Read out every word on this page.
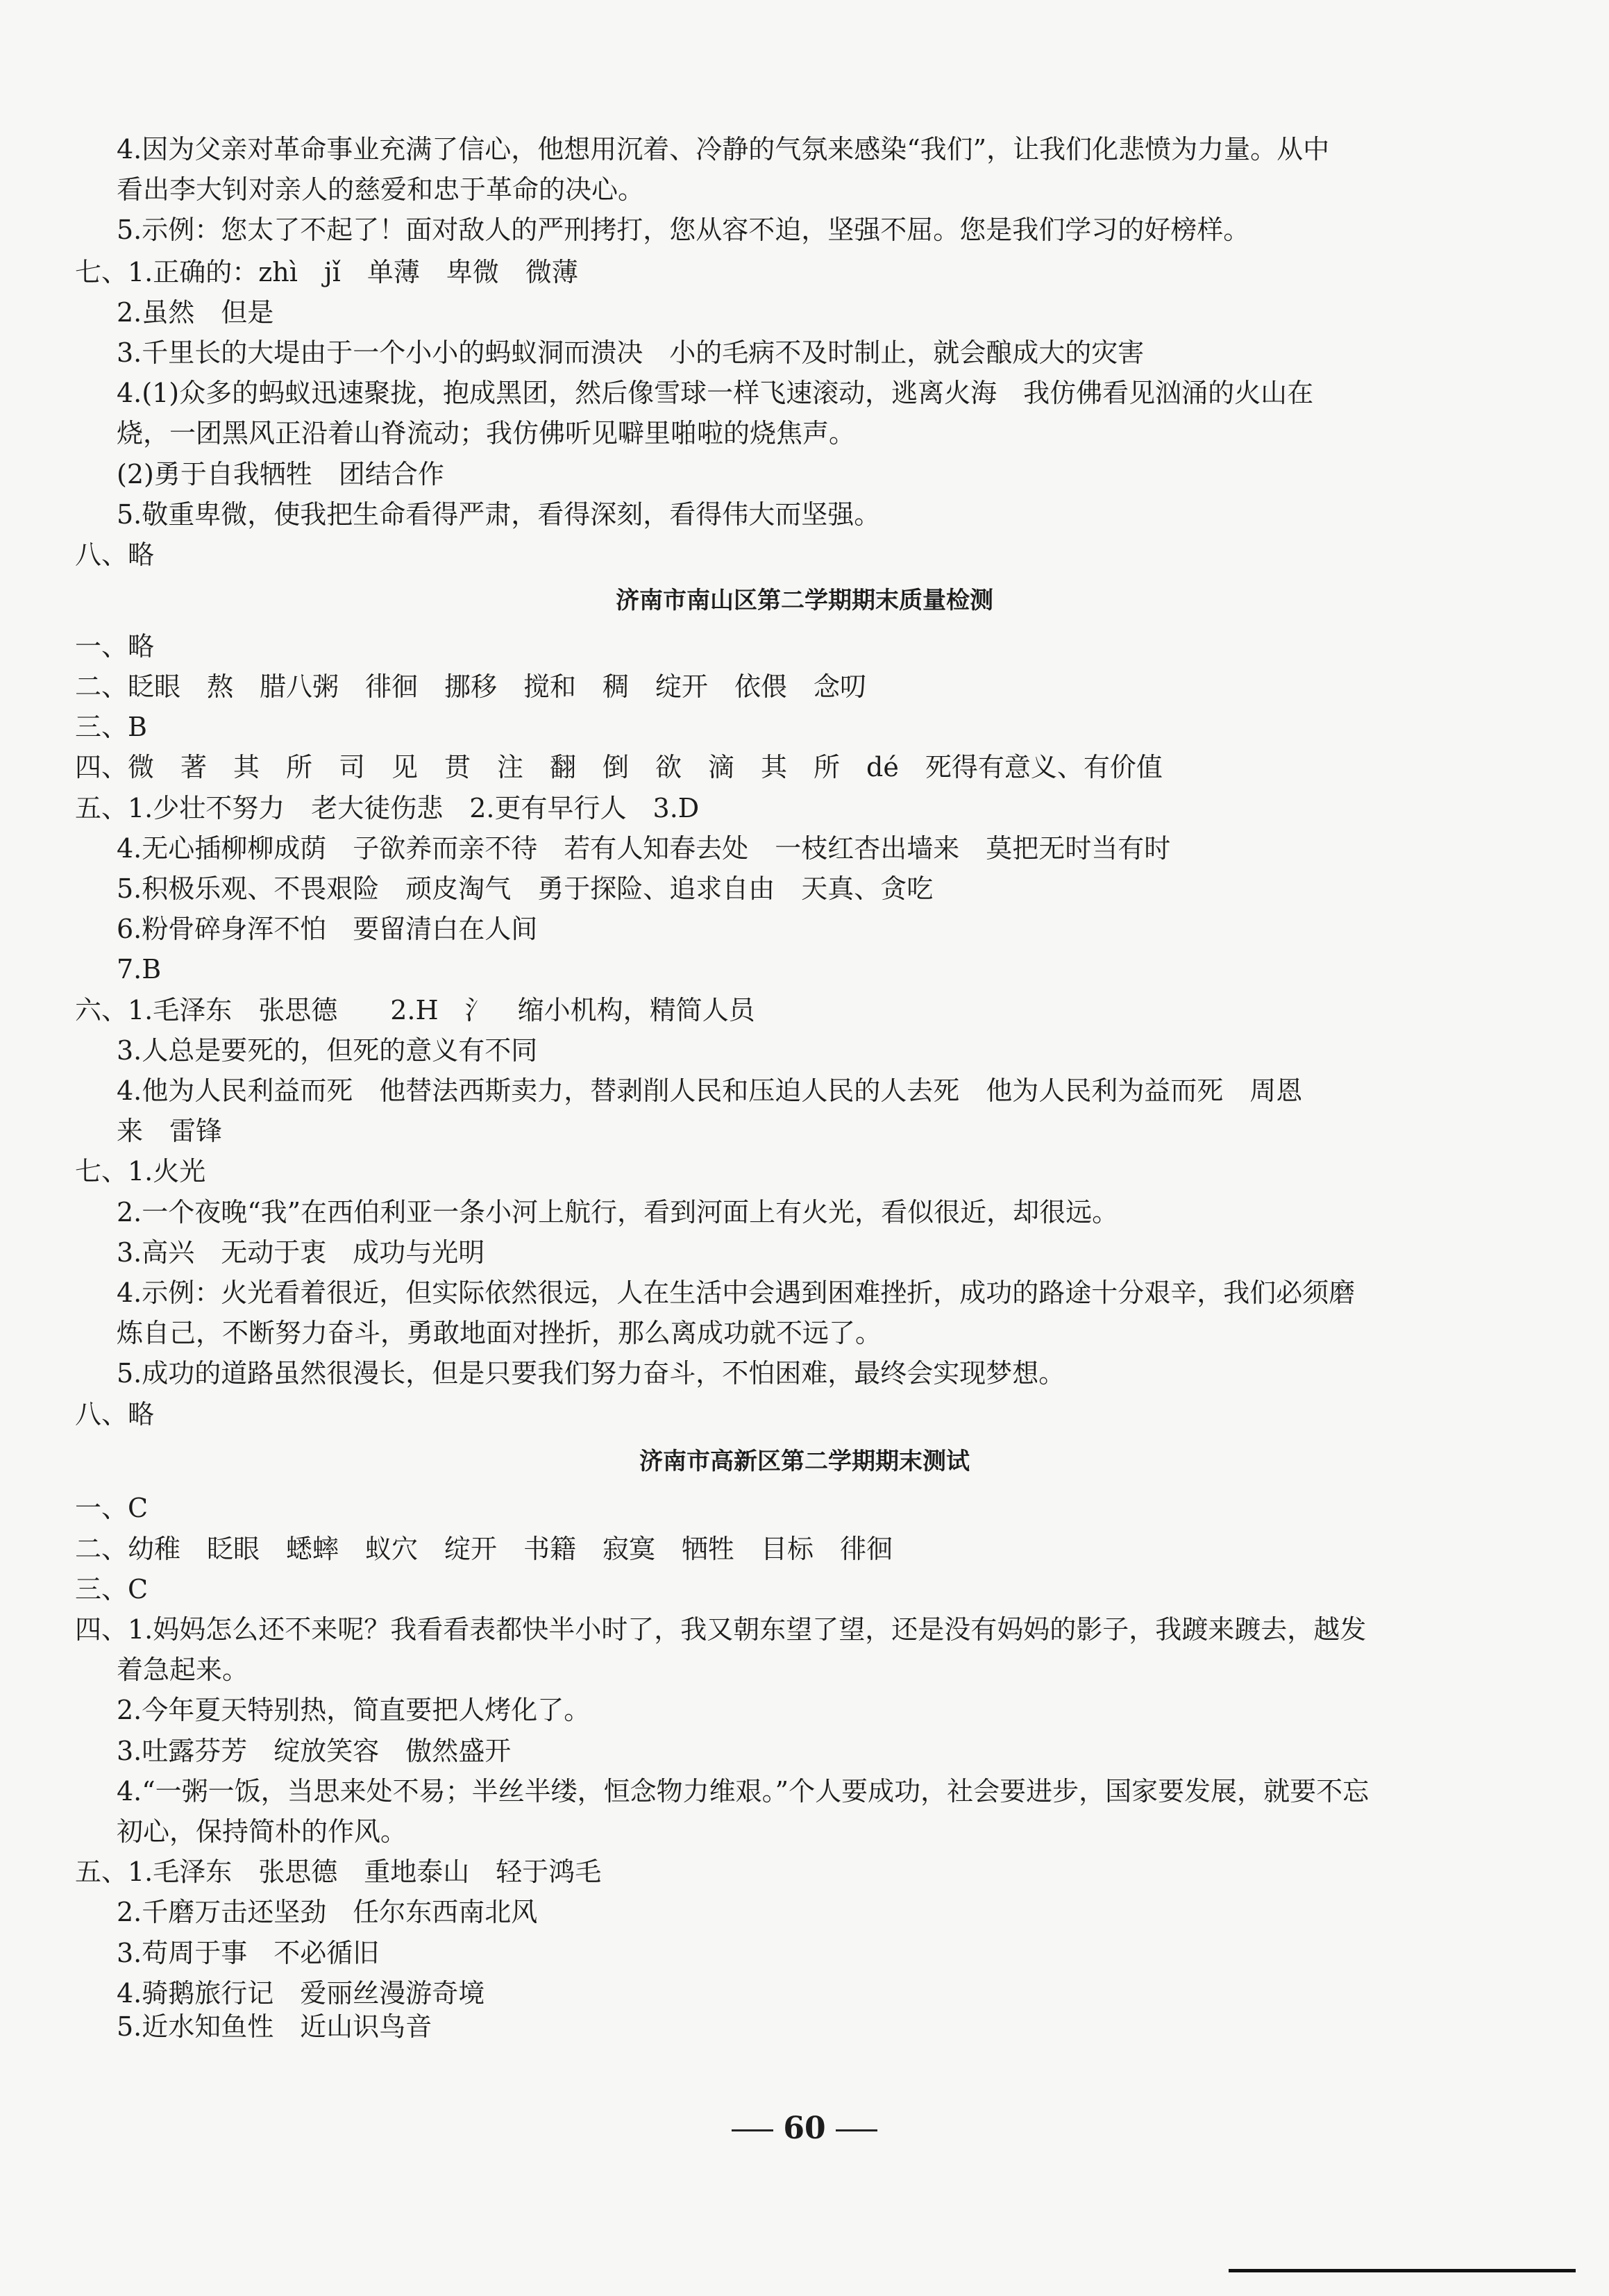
4.因为父亲对革命事业充满了信心，他想用沉着、冷静的气氛来感染“我们”，让我们化悲愤为力量。从中
看出李大钊对亲人的慈爱和忠于革命的决心。
5.示例：您太了不起了！面对敌人的严刑拷打，您从容不迫，坚强不屈。您是我们学习的好榜样。
七、1.正确的：zhì　jǐ　单薄　卑微　微薄
2.虽然　但是
3.千里长的大堤由于一个小小的蚂蚁洞而溃决　小的毛病不及时制止，就会酿成大的灾害
4.(1)众多的蚂蚁迅速聚拢，抱成黑团，然后像雪球一样飞速滚动，逃离火海　我仿佛看见汹涌的火山在
烧，一团黑风正沿着山脊流动；我仿佛听见噼里啪啦的烧焦声。
(2)勇于自我牺牲　团结合作
5.敬重卑微，使我把生命看得严肃，看得深刻，看得伟大而坚强。
八、略
济南市南山区第二学期期末质量检测
一、略
二、眨眼　熬　腊八粥　徘徊　挪移　搅和　稠　绽开　依偎　念叨
三、B
四、微　著　其　所　司　见　贯　注　翻　倒　欲　滴　其　所　dé　死得有意义、有价值
五、1.少壮不努力　老大徒伤悲　2.更有早行人　3.D
4.无心插柳柳成荫　子欲养而亲不待　若有人知春去处　一枝红杏出墙来　莫把无时当有时
5.积极乐观、不畏艰险　顽皮淘气　勇于探险、追求自由　天真、贪吃
6.粉骨碎身浑不怕　要留清白在人间
7.B
六、1.毛泽东　张思德　　2.H　氵　缩小机构，精简人员
3.人总是要死的，但死的意义有不同
4.他为人民利益而死　他替法西斯卖力，替剥削人民和压迫人民的人去死　他为人民利为益而死　周恩
来　雷锋
七、1.火光
2.一个夜晚“我”在西伯利亚一条小河上航行，看到河面上有火光，看似很近，却很远。
3.高兴　无动于衷　成功与光明
4.示例：火光看着很近，但实际依然很远，人在生活中会遇到困难挫折，成功的路途十分艰辛，我们必须磨
炼自己，不断努力奋斗，勇敢地面对挫折，那么离成功就不远了。
5.成功的道路虽然很漫长，但是只要我们努力奋斗，不怕困难，最终会实现梦想。
八、略
济南市高新区第二学期期末测试
一、C
二、幼稚　眨眼　蟋蟀　蚁穴　绽开　书籍　寂寞　牺牲　目标　徘徊
三、C
四、1.妈妈怎么还不来呢？我看看表都快半小时了，我又朝东望了望，还是没有妈妈的影子，我踱来踱去，越发
着急起来。
2.今年夏天特别热，简直要把人烤化了。
3.吐露芬芳　绽放笑容　傲然盛开
4.“一粥一饭，当思来处不易；半丝半缕，恒念物力维艰。”个人要成功，社会要进步，国家要发展，就要不忘
初心，保持简朴的作风。
五、1.毛泽东　张思德　重地泰山　轻于鸿毛
2.千磨万击还坚劲　任尔东西南北风
3.苟周于事　不必循旧
4.骑鹅旅行记　爱丽丝漫游奇境
5.近水知鱼性　近山识鸟音
60
